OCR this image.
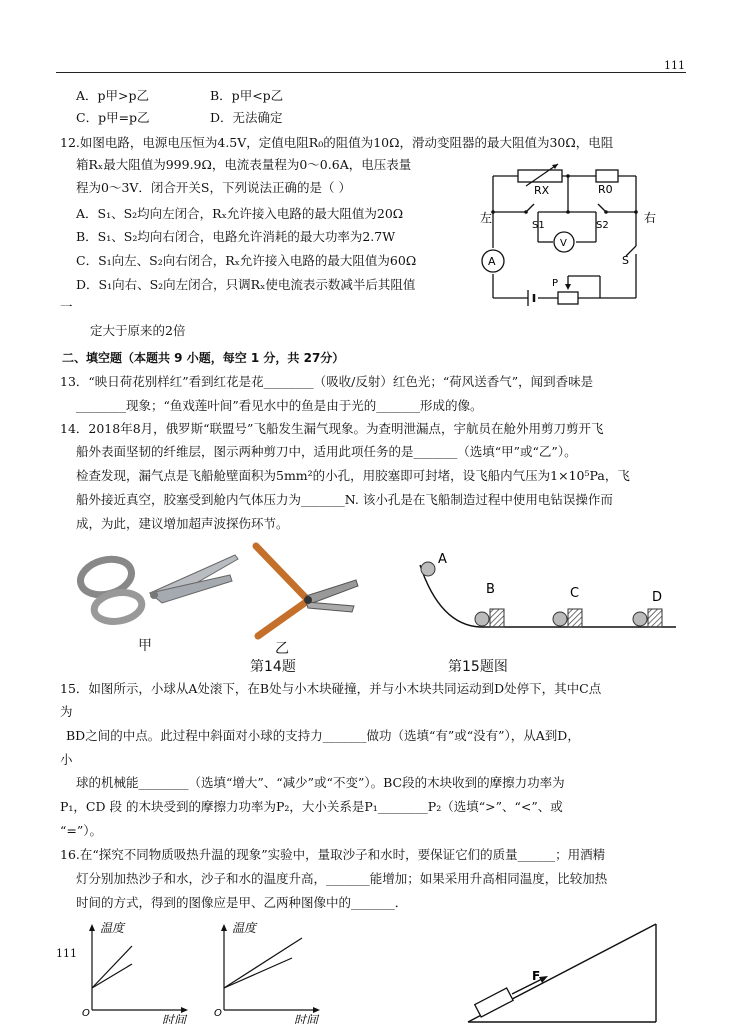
111
A．p甲>p乙	B．p甲<p乙
C．p甲=p乙	D．无法确定
12.如图电路，电源电压恒为4.5V，定值电阻R₀的阻值为10Ω，滑动变阻器的最大阻值为30Ω，电阻
箱Rₓ最大阻值为999.9Ω，电流表量程为0～0.6A，电压表量
程为0～3V．闭合开关S，下列说法正确的是（ ）
A．S₁、S₂均向左闭合，Rₓ允许接入电路的最大阻值为20Ω
B．S₁、S₂均向右闭合，电路允许消耗的最大功率为2.7W
C．S₁向左、S₂向右闭合，Rₓ允许接入电路的最大阻值为60Ω
D．S₁向右、S₂向左闭合，只调Rₓ使电流表示数减半后其阻值
一
定大于原来的2倍
RX	R0
左	右
S1	S2
S
A
V
P
二、填空题（本题共 9 小题，每空 1 分，共 27分）
13．“映日荷花别样红”看到红花是花________（吸收/反射）红色光；“荷风送香气”，闻到香味是
________现象；“鱼戏莲叶间”看见水中的鱼是由于光的_______形成的像。
14．2018年8月，俄罗斯“联盟号”飞船发生漏气现象。为查明泄漏点，宇航员在舱外用剪刀剪开飞
船外表面坚韧的纤维层，图示两种剪刀中，适用此项任务的是_______（选填“甲”或“乙”）。
检查发现，漏气点是飞船舱壁面积为5mm²的小孔，用胶塞即可封堵，设飞船内气压为1×10⁵Pa，飞
船外接近真空，胶塞受到舱内气体压力为_______N. 该小孔是在飞船制造过程中使用电钻误操作而
成，为此，建议增加超声波探伤环节。
甲	乙
第14题
A
B	C	D
第15题图
15．如图所示，小球从A处滚下，在B处与小木块碰撞，并与小木块共同运动到D处停下，其中C点
为
BD之间的中点。此过程中斜面对小球的支持力_______做功（选填“有”或“没有”），从A到D，
小
球的机械能________（选填“增大”、“减少”或“不变”）。BC段的木块收到的摩擦力功率为
P₁，CD 段 的木块受到的摩擦力功率为P₂，大小关系是P₁________P₂（选填“>”、“<”、或
“=”）。
16.在“探究不同物质吸热升温的现象”实验中，量取沙子和水时，要保证它们的质量______；用酒精
灯分别加热沙子和水，沙子和水的温度升高，_______能增加；如果采用升高相同温度，比较加热
时间的方式，得到的图像应是甲、乙两种图像中的_______．
111
温度
O	时间
温度
O	时间
F
